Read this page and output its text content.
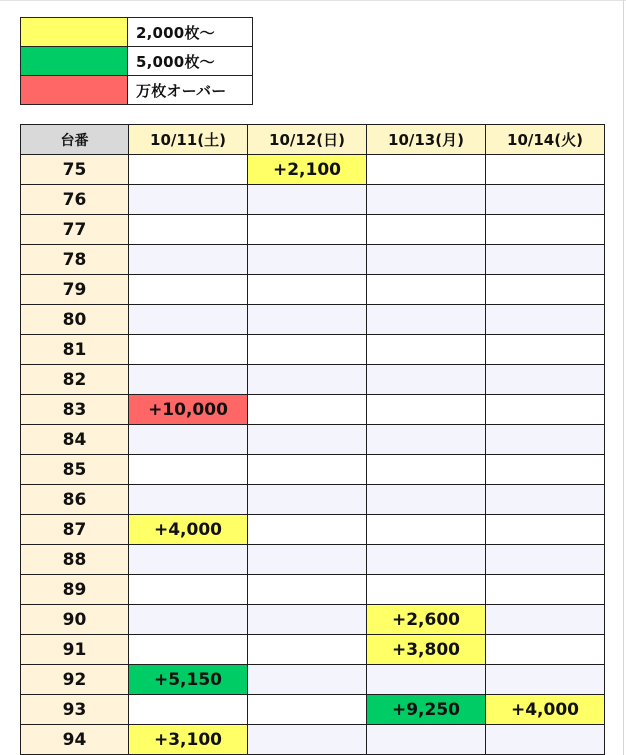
	2,000枚〜
	5,000枚〜
	万枚オーバー
台番	10/11(土)	10/12(日)	10/13(月)	10/14(火)
75		+2,100		
76				
77				
78				
79				
80				
81				
82				
83	+10,000			
84				
85				
86				
87	+4,000			
88				
89				
90			+2,600	
91			+3,800	
92	+5,150			
93			+9,250	+4,000
94	+3,100			
